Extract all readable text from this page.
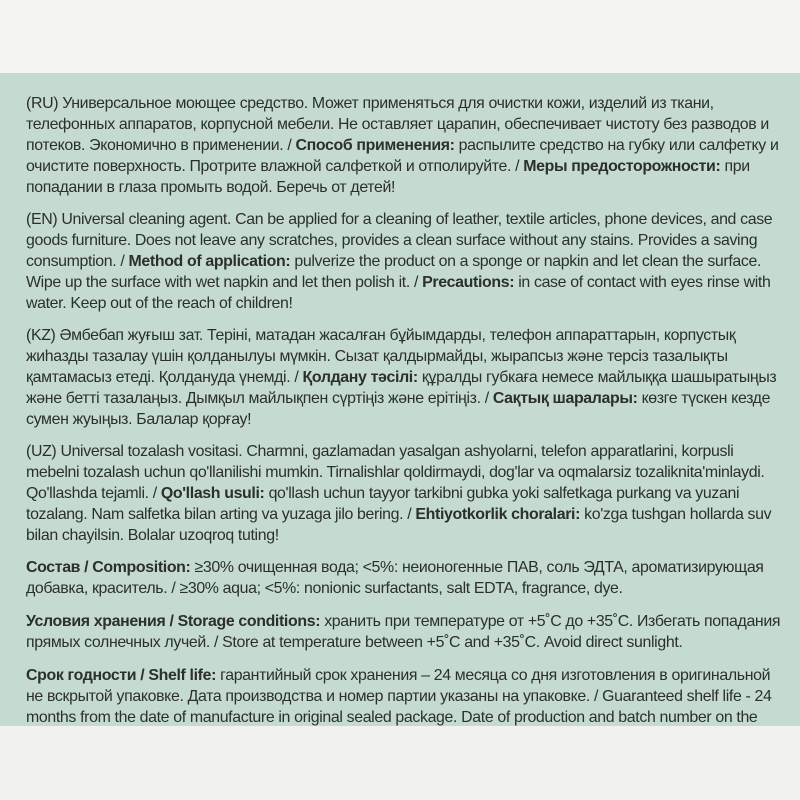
(RU) Универсальное моющее средство. Может применяться для очистки кожи, изделий из ткани, телефонных аппаратов, корпусной мебели. Не оставляет царапин, обеспечивает чистоту без разводов и потеков. Экономично в применении. / Способ применения: распылите средство на губку или салфетку и очистите поверхность. Протрите влажной салфеткой и отполируйте. / Меры предосторожности: при попадании в глаза промыть водой. Беречь от детей!

(EN) Universal cleaning agent. Can be applied for a cleaning of leather, textile articles, phone devices, and case goods furniture. Does not leave any scratches, provides a clean surface without any stains. Provides a saving consumption. / Method of application: pulverize the product on a sponge or napkin and let clean the surface. Wipe up the surface with wet napkin and let then polish it. / Precautions: in case of contact with eyes rinse with water. Keep out of the reach of children!

(KZ) Әмбебап жуғыш зат. Терiнi, матадан жасалған бұйымдарды, телефон аппараттарын, корпустық жиһазды тазалау үшiн қолданылуы мүмкiн. Сызат қалдырмайды, жырапсыз және терсiз тазалықты қамтамасыз етедi. Қолдануда үнемдi. / Қолдану тәсiлi: құралды губкаға немесе майлыққа шашыратыңыз және беттi тазалаңыз. Дымқыл майлықпен сүртiңiз және ерiтiңiз. / Сақтық шаралары: көзге түскен кезде сумен жуыңыз. Балалар қорғау!

(UZ) Universal tozalash vositasi. Charmni, gazlamadan yasalgan ashyolarni, telefon apparatlarini, korpusli mebelni tozalash uchun qo'llanilishi mumkin. Tirnalishlar qoldirmaydi, dog'lar va oqmalarsiz tozaliknita'minlaydi. Qo'llashda tejamli. / Qo'llash usuli: qo'llash uchun tayyor tarkibni gubka yoki salfetkaga purkang va yuzani tozalang. Nam salfetka bilan arting va yuzaga jilo bering. / Ehtiyotkorlik choralari: ko'zga tushgan hollarda suv bilan chayilsin. Bolalar uzoqroq tuting!

Состав / Composition: ≥30% очищенная вода; <5%: неионогенные ПАВ, соль ЭДТА, ароматизирующая добавка, краситель. / ≥30% aqua; <5%: nonionic surfactants, salt EDTA, fragrance, dye.

Условия хранения / Storage conditions: хранить при температуре от +5˚С до +35˚С. Избегать попадания прямых солнечных лучей. / Store at temperature between +5˚С and +35˚С. Avoid direct sunlight.

Срок годности / Shelf life: гарантийный срок хранения – 24 месяца со дня изготовления в оригинальной не вскрытой упаковке. Дата производства и номер партии указаны на упаковке. / Guaranteed shelf life - 24 months from the date of manufacture in original sealed package. Date of production and batch number on the
